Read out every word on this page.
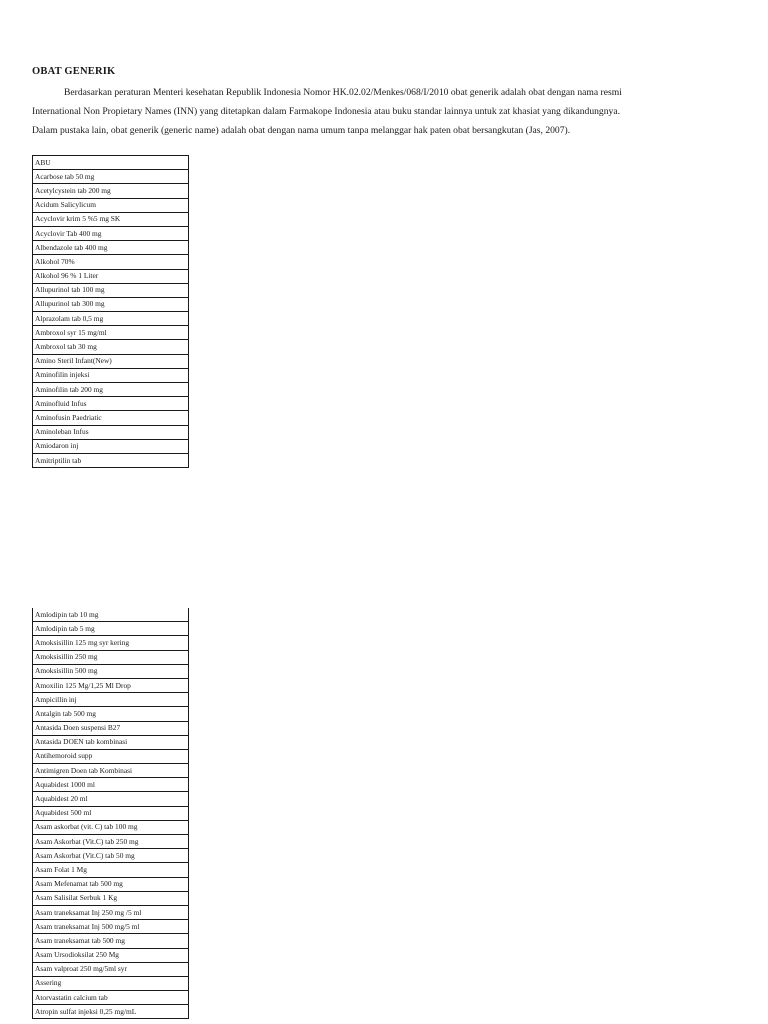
OBAT GENERIK
Berdasarkan peraturan Menteri kesehatan Republik Indonesia Nomor HK.02.02/Menkes/068/I/2010 obat generik adalah obat dengan nama resmi
International Non Propietary Names (INN) yang ditetapkan dalam Farmakope Indonesia atau buku standar lainnya untuk zat khasiat yang dikandungnya.
Dalam pustaka lain, obat generik (generic name) adalah obat dengan nama umum tanpa melanggar hak paten obat bersangkutan (Jas, 2007).
ABU
Acarbose tab 50 mg
Acetylcystein tab 200 mg
Acidum Salicylicum
Acyclovir krim 5 %5 mg SK
Acyclovir Tab 400 mg
Albendazole tab 400 mg
Alkohol 70%
Alkohol 96 % 1 Liter
Allupurinol tab 100 mg
Allupurinol tab 300 mg
Alprazolam tab 0,5 mg
Ambroxol syr 15 mg/ml
Ambroxol tab 30 mg
Amino Steril Infant(New)
Aminofilin injeksi
Aminofilin tab 200 mg
Aminofluid Infus
Aminofusin Paedriatic
Aminoleban Infus
Amiodaron inj
Amitriptilin tab
Amlodipin tab 10 mg
Amlodipin tab 5 mg
Amoksisillin 125 mg syr kering
Amoksisillin 250 mg
Amoksisillin 500 mg
Amoxilin 125 Mg/1,25 Ml Drop
Ampicillin inj
Antalgin tab 500 mg
Antasida Doen suspensi B27
Antasida DOEN tab kombinasi
Antihemoroid supp
Antimigren Doen tab Kombinasi
Aquabidest 1000 ml
Aquabidest 20 ml
Aquabidest 500 ml
Asam askorbat (vit. C) tab 100 mg
Asam Askorbat (Vit.C) tab 250 mg
Asam Askorbat (Vit.C) tab 50 mg
Asam Folat 1 Mg
Asam Mefenamat tab 500 mg
Asam Salisilat Serbuk 1 Kg
Asam traneksamat Inj 250 mg /5 ml
Asam traneksamat Inj 500 mg/5 ml
Asam traneksamat tab 500 mg
Asam Ursodioksilat 250 Mg
Asam valproat 250 mg/5ml syr
Assering
Atorvastatin calcium tab
Atropin sulfat injeksi 0,25 mg/mL
